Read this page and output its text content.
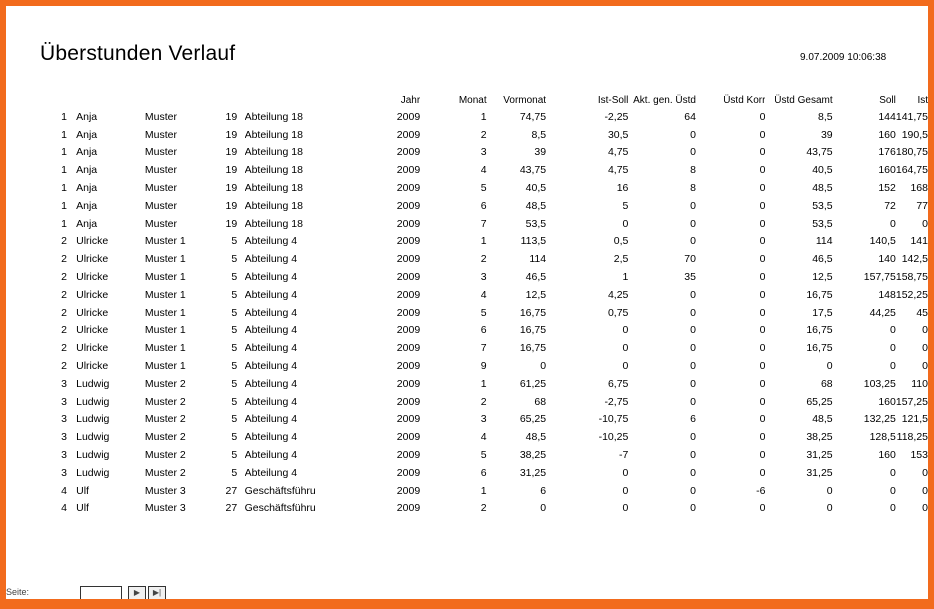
Überstunden Verlauf	9.07.2009 10:06:38
								Jahr	Monat	Vormonat	Ist-Soll	Akt. gen. Üstd	Üstd Korr	Üstd Gesamt	Soll	Ist
1		Anja	Muster	19		Abteilung 18		2009	1	74,75	-2,25	64	0	8,5	144	141,75
1		Anja	Muster	19		Abteilung 18		2009	2	8,5	30,5	0	0	39	160	190,5
1		Anja	Muster	19		Abteilung 18		2009	3	39	4,75	0	0	43,75	176	180,75
1		Anja	Muster	19		Abteilung 18		2009	4	43,75	4,75	8	0	40,5	160	164,75
1		Anja	Muster	19		Abteilung 18		2009	5	40,5	16	8	0	48,5	152	168
1		Anja	Muster	19		Abteilung 18		2009	6	48,5	5	0	0	53,5	72	77
1		Anja	Muster	19		Abteilung 18		2009	7	53,5	0	0	0	53,5	0	0
2		Ulricke	Muster 1	5		Abteilung 4		2009	1	113,5	0,5	0	0	114	140,5	141
2		Ulricke	Muster 1	5		Abteilung 4		2009	2	114	2,5	70	0	46,5	140	142,5
2		Ulricke	Muster 1	5		Abteilung 4		2009	3	46,5	1	35	0	12,5	157,75	158,75
2		Ulricke	Muster 1	5		Abteilung 4		2009	4	12,5	4,25	0	0	16,75	148	152,25
2		Ulricke	Muster 1	5		Abteilung 4		2009	5	16,75	0,75	0	0	17,5	44,25	45
2		Ulricke	Muster 1	5		Abteilung 4		2009	6	16,75	0	0	0	16,75	0	0
2		Ulricke	Muster 1	5		Abteilung 4		2009	7	16,75	0	0	0	16,75	0	0
2		Ulricke	Muster 1	5		Abteilung 4		2009	9	0	0	0	0	0	0	0
3		Ludwig	Muster 2	5		Abteilung 4		2009	1	61,25	6,75	0	0	68	103,25	110
3		Ludwig	Muster 2	5		Abteilung 4		2009	2	68	-2,75	0	0	65,25	160	157,25
3		Ludwig	Muster 2	5		Abteilung 4		2009	3	65,25	-10,75	6	0	48,5	132,25	121,5
3		Ludwig	Muster 2	5		Abteilung 4		2009	4	48,5	-10,25	0	0	38,25	128,5	118,25
3		Ludwig	Muster 2	5		Abteilung 4		2009	5	38,25	-7	0	0	31,25	160	153
3		Ludwig	Muster 2	5		Abteilung 4		2009	6	31,25	0	0	0	31,25	0	0
4		Ulf	Muster 3	27		Geschäftsführu		2009	1	6	0	0	-6	0	0	0
4		Ulf	Muster 3	27		Geschäftsführu		2009	2	0	0	0	0	0	0	0
Seite:	▶	▶|
